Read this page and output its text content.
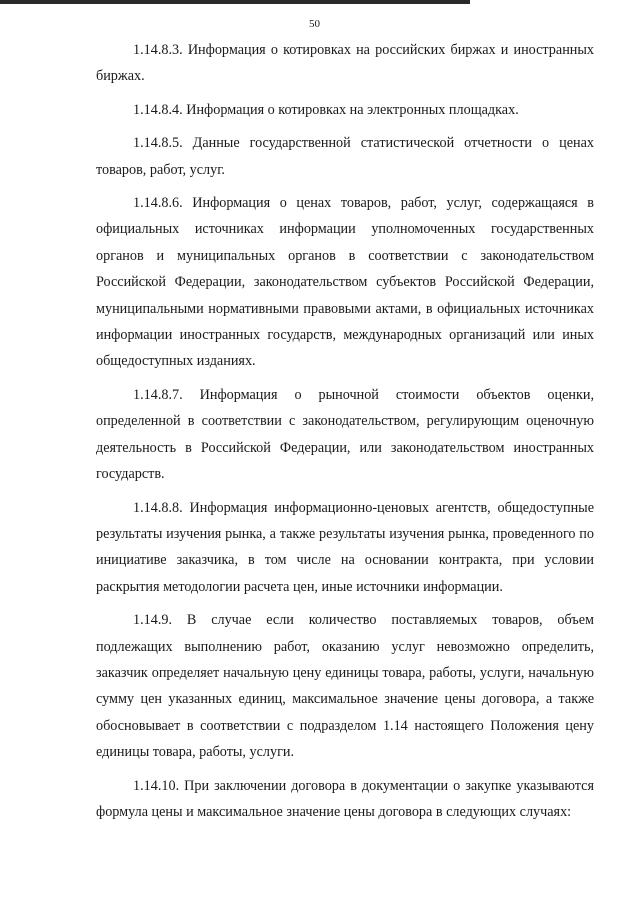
50

1.14.8.3. Информация о котировках на российских биржах и иностранных биржах.

1.14.8.4. Информация о котировках на электронных площадках.

1.14.8.5. Данные государственной статистической отчетности о ценах товаров, работ, услуг.

1.14.8.6. Информация о ценах товаров, работ, услуг, содержащаяся в официальных источниках информации уполномоченных государственных органов и муниципальных органов в соответствии с законодательством Российской Федерации, законодательством субъектов Российской Федерации, муниципальными нормативными правовыми актами, в официальных источниках информации иностранных государств, международных организаций или иных общедоступных изданиях.

1.14.8.7. Информация о рыночной стоимости объектов оценки, определенной в соответствии с законодательством, регулирующим оценочную деятельность в Российской Федерации, или законодательством иностранных государств.

1.14.8.8. Информация информационно-ценовых агентств, общедоступные результаты изучения рынка, а также результаты изучения рынка, проведенного по инициативе заказчика, в том числе на основании контракта, при условии раскрытия методологии расчета цен, иные источники информации.

1.14.9. В случае если количество поставляемых товаров, объем подлежащих выполнению работ, оказанию услуг невозможно определить, заказчик определяет начальную цену единицы товара, работы, услуги, начальную сумму цен указанных единиц, максимальное значение цены договора, а также обосновывает в соответствии с подразделом 1.14 настоящего Положения цену единицы товара, работы, услуги.

1.14.10. При заключении договора в документации о закупке указываются формула цены и максимальное значение цены договора в следующих случаях:
